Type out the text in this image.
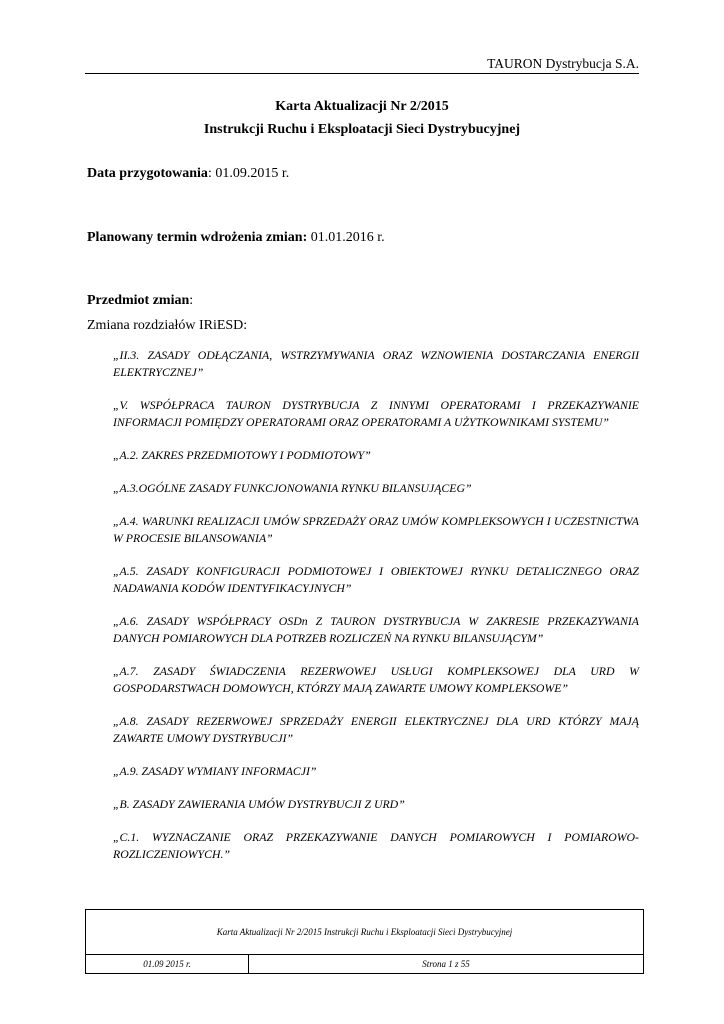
TAURON Dystrybucja S.A.
Karta Aktualizacji Nr 2/2015
Instrukcji Ruchu i Eksploatacji Sieci Dystrybucyjnej
Data przygotowania: 01.09.2015 r.
Planowany termin wdrożenia zmian: 01.01.2016 r.
Przedmiot zmian:
Zmiana rozdziałów IRiESD:
„II.3. ZASADY ODŁĄCZANIA, WSTRZYMYWANIA ORAZ WZNOWIENIA DOSTARCZANIA ENERGII ELEKTRYCZNEJ”
„V. WSPÓŁPRACA TAURON DYSTRYBUCJA Z INNYMI OPERATORAMI I PRZEKAZYWANIE INFORMACJI POMIĘDZY OPERATORAMI ORAZ OPERATORAMI A UŻYTKOWNIKAMI SYSTEMU”
„A.2. ZAKRES PRZEDMIOTOWY I PODMIOTOWY”
„A.3.OGÓLNE ZASADY FUNKCJONOWANIA RYNKU BILANSUJĄCEG”
„A.4. WARUNKI REALIZACJI UMÓW SPRZEDAŻY ORAZ UMÓW KOMPLEKSOWYCH I UCZESTNICTWA W PROCESIE BILANSOWANIA”
„A.5. ZASADY KONFIGURACJI PODMIOTOWEJ I OBIEKTOWEJ RYNKU DETALICZNEGO ORAZ NADAWANIA KODÓW IDENTYFIKACYJNYCH”
„A.6. ZASADY WSPÓŁPRACY OSDn Z TAURON DYSTRYBUCJA W ZAKRESIE PRZEKAZYWANIA DANYCH POMIAROWYCH DLA POTRZEB ROZLICZEŃ NA RYNKU BILANSUJĄCYM”
„A.7. ZASADY ŚWIADCZENIA REZERWOWEJ USŁUGI KOMPLEKSOWEJ DLA URD W GOSPODARSTWACH DOMOWYCH, KTÓRZY MAJĄ ZAWARTE UMOWY KOMPLEKSOWE”
„A.8. ZASADY REZERWOWEJ SPRZEDAŻY ENERGII ELEKTRYCZNEJ DLA URD KTÓRZY MAJĄ ZAWARTE UMOWY DYSTRYBUCJI”
„A.9. ZASADY WYMIANY INFORMACJI”
„B. ZASADY ZAWIERANIA UMÓW DYSTRYBUCJI Z URD”
„C.1. WYZNACZANIE ORAZ PRZEKAZYWANIE DANYCH POMIAROWYCH I POMIAROWO-ROZLICZENIOWYCH.”
Karta Aktualizacji Nr 2/2015 Instrukcji Ruchu i Eksploatacji Sieci Dystrybucyjnej
01.09 2015 r.	Strona 1 z 55
